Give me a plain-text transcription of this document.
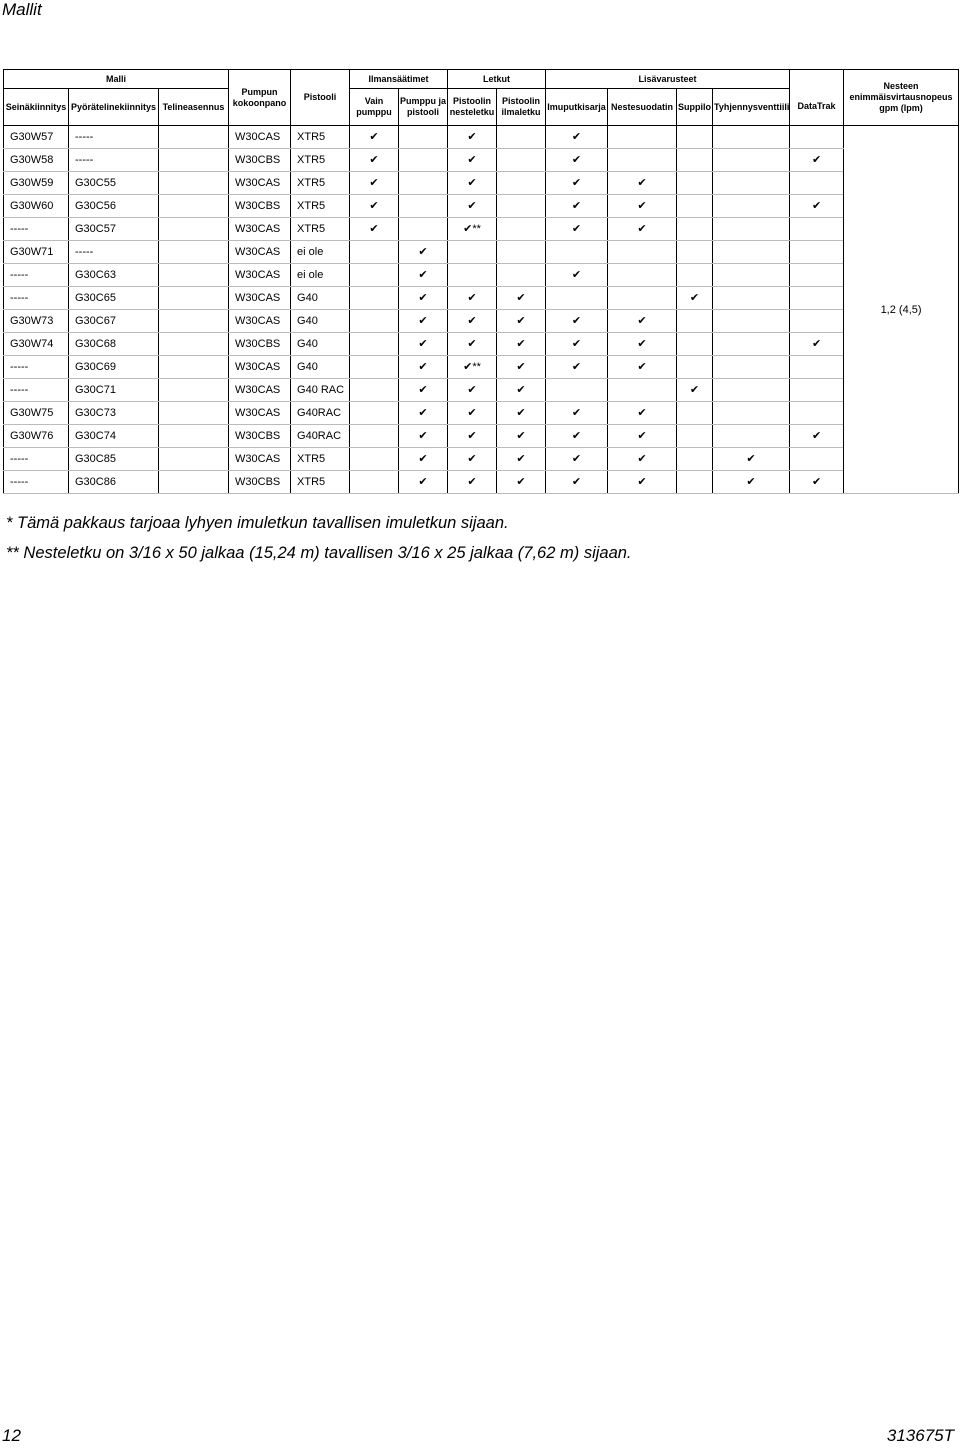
Mallit
Malli			Pumpun kokoonpano	Pistooli	Ilmansäätimet		Letkut		Lisävarusteet					Nesteen enimmäisvirtausnopeus gpm (lpm)
Seinäkiinnitys	Pyörätelinekiinnitys	Telineasennus			Vain pumppu	Pumppu ja pistooli	Pistoolin nesteletku	Pistoolin ilmaletku	Imuputkisarja	Nestesuodatin	Suppilo	Tyhjennysventtiili	DataTrak	
G30W57	-----		W30CAS	XTR5	✔		✔		✔					1,2 (4,5)
G30W58	-----		W30CBS	XTR5	✔		✔		✔				✔	
G30W59	G30C55		W30CAS	XTR5	✔		✔		✔	✔				
G30W60	G30C56		W30CBS	XTR5	✔		✔		✔	✔			✔	
-----	G30C57		W30CAS	XTR5	✔		✔**		✔	✔				
G30W71	-----		W30CAS	ei ole		✔								
-----	G30C63		W30CAS	ei ole		✔			✔					
-----	G30C65		W30CAS	G40		✔	✔	✔			✔			
G30W73	G30C67		W30CAS	G40		✔	✔	✔	✔	✔				
G30W74	G30C68		W30CBS	G40		✔	✔	✔	✔	✔			✔	
-----	G30C69		W30CAS	G40		✔	✔**	✔	✔	✔				
-----	G30C71		W30CAS	G40 RAC		✔	✔	✔			✔			
G30W75	G30C73		W30CAS	G40RAC		✔	✔	✔	✔	✔				
G30W76	G30C74		W30CBS	G40RAC		✔	✔	✔	✔	✔			✔	
-----	G30C85		W30CAS	XTR5		✔	✔	✔	✔	✔		✔		
-----	G30C86		W30CBS	XTR5		✔	✔	✔	✔	✔		✔	✔	
* Tämä pakkaus tarjoaa lyhyen imuletkun tavallisen imuletkun sijaan.
** Nesteletku on 3/16 x 50 jalkaa (15,24 m) tavallisen 3/16 x 25 jalkaa (7,62 m) sijaan.
12	313675T
